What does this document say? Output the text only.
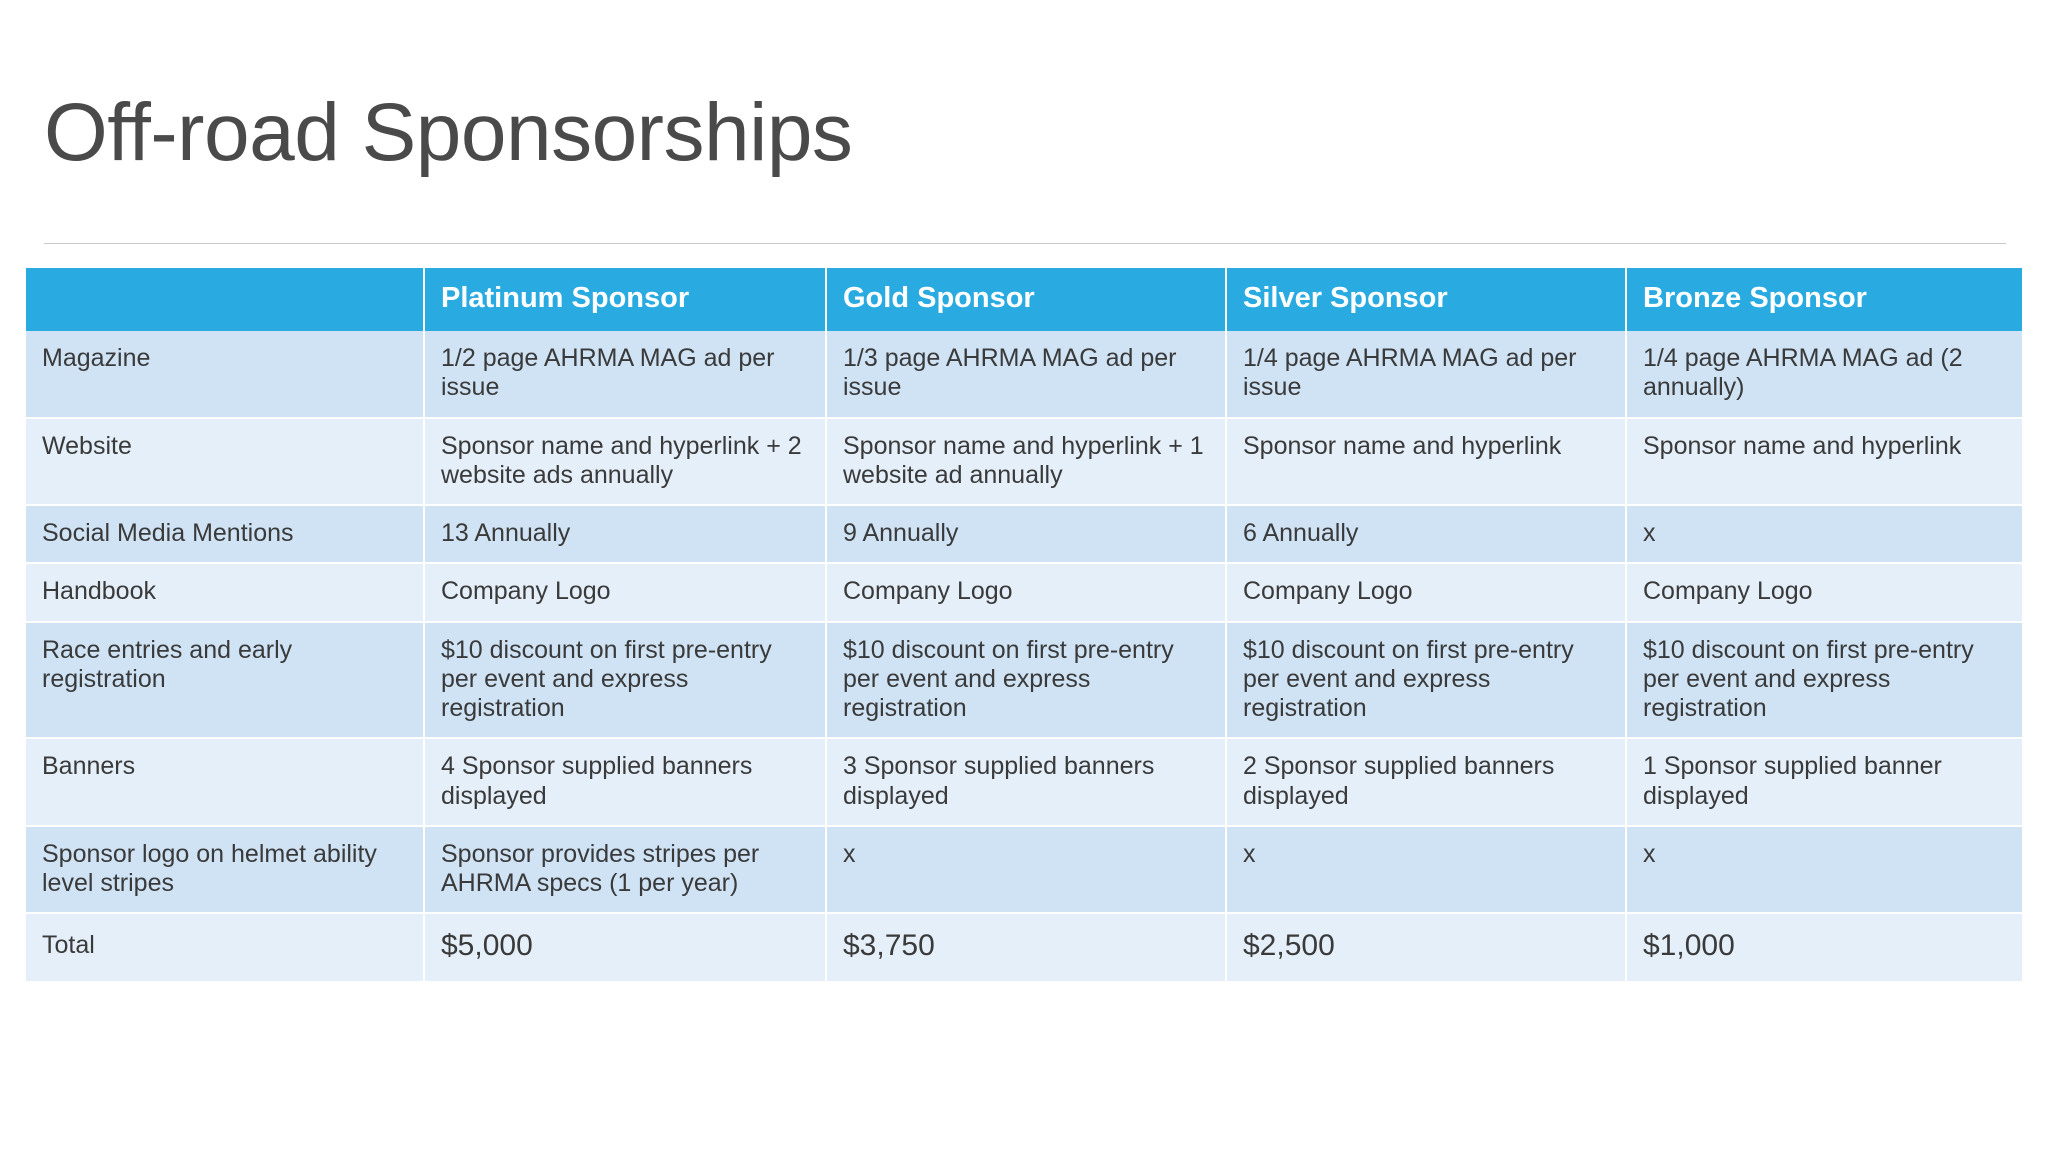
Off-road Sponsorships
	Platinum Sponsor	Gold Sponsor	Silver Sponsor	Bronze Sponsor
Magazine	1/2 page AHRMA MAG ad per issue	1/3 page AHRMA MAG ad per issue	1/4 page AHRMA MAG ad per issue	1/4 page AHRMA MAG ad (2 annually)
Website	Sponsor name and hyperlink + 2 website ads annually	Sponsor name and hyperlink + 1 website ad annually	Sponsor name and hyperlink	Sponsor name and hyperlink
Social Media Mentions	13 Annually	9 Annually	6 Annually	x
Handbook	Company Logo	Company Logo	Company Logo	Company Logo
Race entries and early registration	$10 discount on first pre-entry per event and express registration	$10 discount on first pre-entry per event and express registration	$10 discount on first pre-entry per event and express registration	$10 discount on first pre-entry per event and express registration
Banners	4 Sponsor supplied banners displayed	3 Sponsor supplied banners displayed	2 Sponsor supplied banners displayed	1 Sponsor supplied banner displayed
Sponsor logo on helmet ability level stripes	Sponsor provides stripes per AHRMA specs (1 per year)	x	x	x
Total	$5,000	$3,750	$2,500	$1,000
